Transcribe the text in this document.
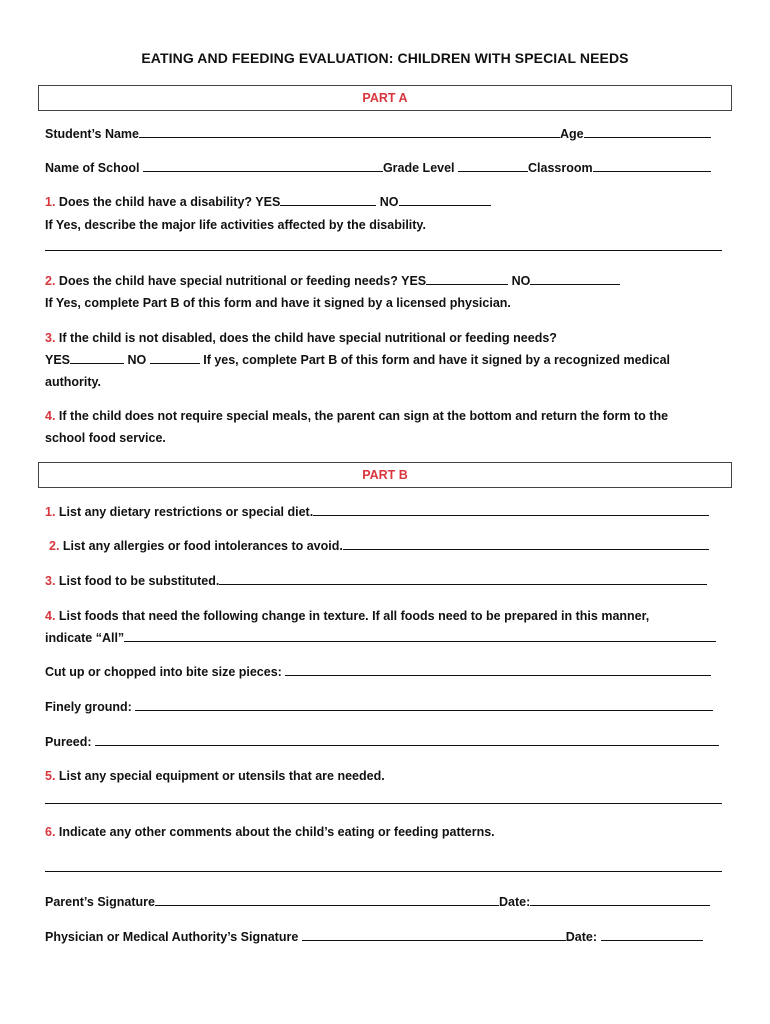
EATING AND FEEDING EVALUATION: CHILDREN WITH SPECIAL NEEDS
PART A
Student’s Name	Age
Name of School	Grade Level	Classroom
1. Does the child have a disability? YES	NO
If Yes, describe the major life activities affected by the disability.
2. Does the child have special nutritional or feeding needs? YES	NO
If Yes, complete Part B of this form and have it signed by a licensed physician.
3. If the child is not disabled, does the child have special nutritional or feeding needs?
YES	NO	If yes, complete Part B of this form and have it signed by a recognized medical
authority.
4. If the child does not require special meals, the parent can sign at the bottom and return the form to the
school food service.
PART B
1. List any dietary restrictions or special diet.
2. List any allergies or food intolerances to avoid.
3. List food to be substituted.
4. List foods that need the following change in texture. If all foods need to be prepared in this manner,
indicate “All”
Cut up or chopped into bite size pieces:
Finely ground:
Pureed:
5. List any special equipment or utensils that are needed.
6. Indicate any other comments about the child’s eating or feeding patterns.
Parent’s Signature	Date:
Physician or Medical Authority’s Signature	Date:
